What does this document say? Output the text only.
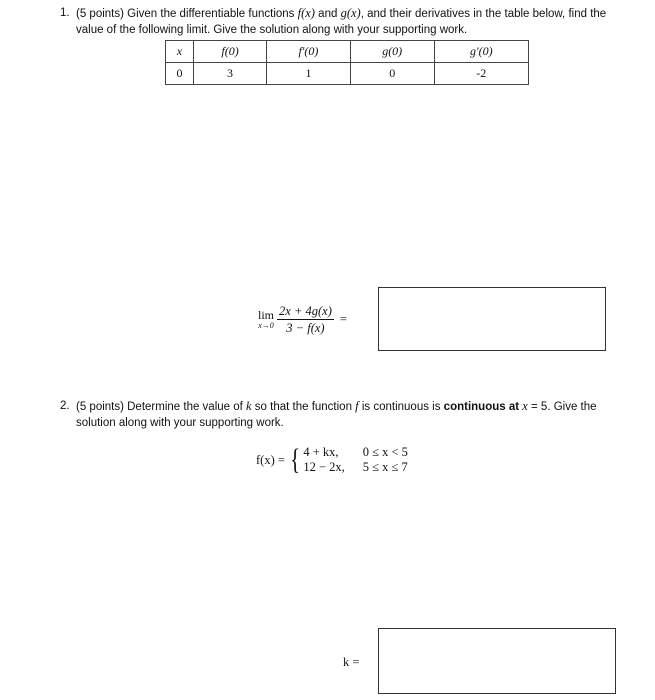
1. (5 points) Given the differentiable functions f(x) and g(x), and their derivatives in the table below, find the value of the following limit. Give the solution along with your supporting work.
x	f(0)	f′(0)	g(0)	g′(0)
0	3	1	0	-2
lim
$x\to 0 \frac{2x + 4g(x)}{3 - f(x)}$ =
2. (5 points) Determine the value of k so that the function f is continuous is continuous at x = 5. Give the solution along with your supporting work.
f(x) = { 4 + kx,	0 ≤ x < 5
12 − 2x, 5 ≤ x ≤ 7
k =
